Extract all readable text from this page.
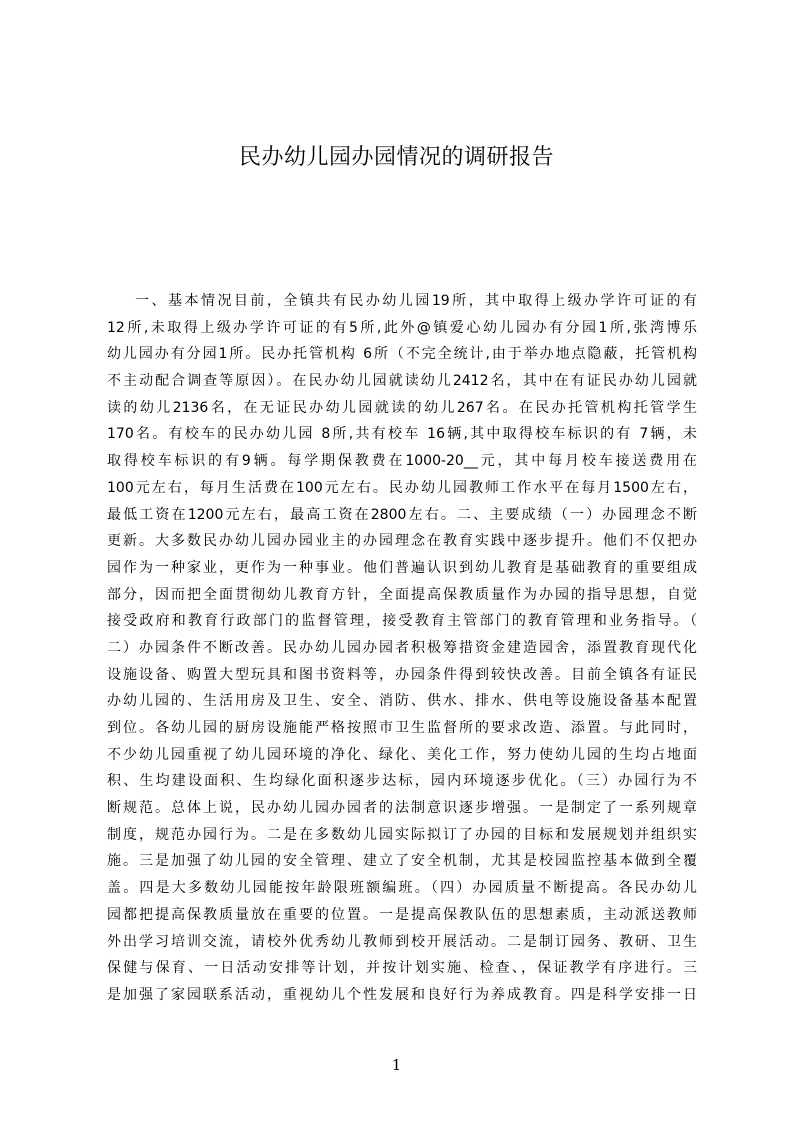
民办幼儿园办园情况的调研报告
一、基本情况目前，全镇共有民办幼儿园19所，其中取得上级办学许可证的有
12所,未取得上级办学许可证的有5所,此外@镇爱心幼儿园办有分园1所,张湾博乐
幼儿园办有分园1所。民办托管机构 6所（不完全统计,由于举办地点隐蔽，托管机构
不主动配合调查等原因）。在民办幼儿园就读幼儿2412名，其中在有证民办幼儿园就
读的幼儿2136名，在无证民办幼儿园就读的幼儿267名。在民办托管机构托管学生
170名。有校车的民办幼儿园 8所,共有校车 16辆,其中取得校车标识的有 7辆，未
取得校车标识的有9辆。每学期保教费在1000-20__元，其中每月校车接送费用在
100元左右，每月生活费在100元左右。民办幼儿园教师工作水平在每月1500左右，
最低工资在1200元左右，最高工资在2800左右。二、主要成绩（一）办园理念不断
更新。大多数民办幼儿园办园业主的办园理念在教育实践中逐步提升。他们不仅把办
园作为一种家业，更作为一种事业。他们普遍认识到幼儿教育是基础教育的重要组成
部分，因而把全面贯彻幼儿教育方针，全面提高保教质量作为办园的指导思想，自觉
接受政府和教育行政部门的监督管理，接受教育主管部门的教育管理和业务指导。（
二）办园条件不断改善。民办幼儿园办园者积极筹措资金建造园舍，添置教育现代化
设施设备、购置大型玩具和图书资料等，办园条件得到较快改善。目前全镇各有证民
办幼儿园的、生活用房及卫生、安全、消防、供水、排水、供电等设施设备基本配置
到位。各幼儿园的厨房设施能严格按照市卫生监督所的要求改造、添置。与此同时，
不少幼儿园重视了幼儿园环境的净化、绿化、美化工作，努力使幼儿园的生均占地面
积、生均建设面积、生均绿化面积逐步达标，园内环境逐步优化。（三）办园行为不
断规范。总体上说，民办幼儿园办园者的法制意识逐步增强。一是制定了一系列规章
制度，规范办园行为。二是在多数幼儿园实际拟订了办园的目标和发展规划并组织实
施。三是加强了幼儿园的安全管理、建立了安全机制，尤其是校园监控基本做到全覆
盖。四是大多数幼儿园能按年龄限班额编班。（四）办园质量不断提高。各民办幼儿
园都把提高保教质量放在重要的位置。一是提高保教队伍的思想素质，主动派送教师
外出学习培训交流，请校外优秀幼儿教师到校开展活动。二是制订园务、教研、卫生
保健与保育、一日活动安排等计划，并按计划实施、检查、，保证教学有序进行。三
是加强了家园联系活动，重视幼儿个性发展和良好行为养成教育。四是科学安排一日
1
